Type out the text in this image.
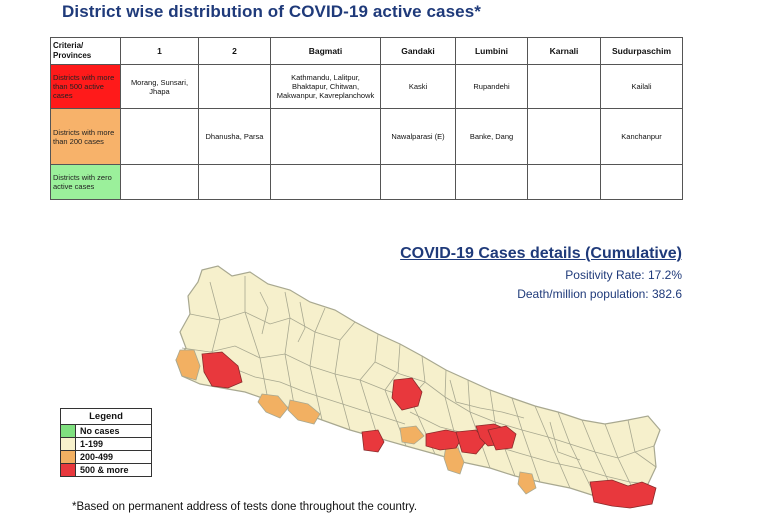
District wise distribution of COVID-19 active cases*
Criteria/ Provinces	1	2	Bagmati	Gandaki	Lumbini	Karnali	Sudurpaschim
Districts with more than 500 active cases	Morang, Sunsari, Jhapa		Kathmandu, Lalitpur, Bhaktapur, Chitwan, Makwanpur, Kavreplanchowk	Kaski	Rupandehi		Kailali
Districts with more than 200 cases		Dhanusha, Parsa		Nawalparasi (E)	Banke, Dang		Kanchanpur
Districts with zero active cases							
COVID-19 Cases details (Cumulative)
Positivity Rate: 17.2%
Death/million population: 382.6
Legend
No cases
1-199
200-499
500 & more
*Based on permanent address of tests done throughout the country.
